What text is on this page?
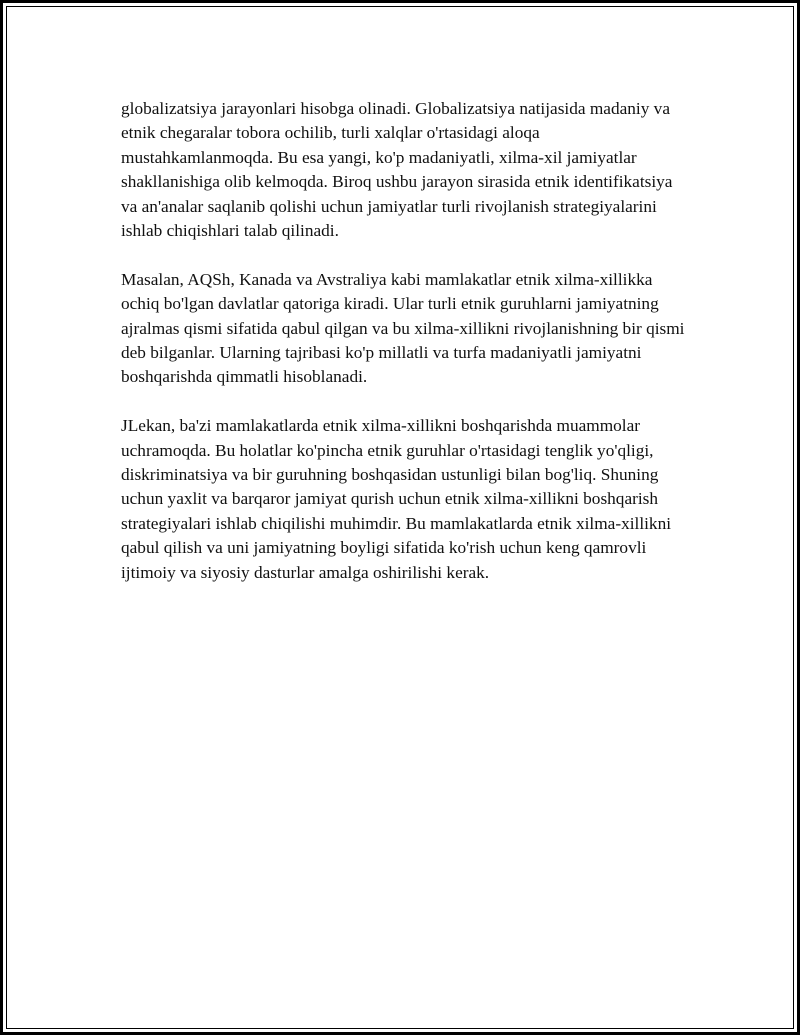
globalizatsiya jarayonlari hisobga olinadi. Globalizatsiya natijasida madaniy va etnik chegaralar tobora ochilib, turli xalqlar o'rtasidagi aloqa mustahkamlanmoqda. Bu esa yangi, ko'p madaniyatli, xilma-xil jamiyatlar shakllanishiga olib kelmoqda. Biroq ushbu jarayon sirasida etnik identifikatsiya va an'analar saqlanib qolishi uchun jamiyatlar turli rivojlanish strategiyalarini ishlab chiqishlari talab qilinadi.

Masalan, AQSh, Kanada va Avstraliya kabi mamlakatlar etnik xilma-xillikka ochiq bo'lgan davlatlar qatoriga kiradi. Ular turli etnik guruhlarni jamiyatning ajralmas qismi sifatida qabul qilgan va bu xilma-xillikni rivojlanishning bir qismi deb bilganlar. Ularning tajribasi ko'p millatli va turfa madaniyatli jamiyatni boshqarishda qimmatli hisoblanadi.

JLekan, ba'zi mamlakatlarda etnik xilma-xillikni boshqarishda muammolar uchramoqda. Bu holatlar ko'pincha etnik guruhlar o'rtasidagi tenglik yo'qligi, diskriminatsiya va bir guruhning boshqasidan ustunligi bilan bog'liq. Shuning uchun yaxlit va barqaror jamiyat qurish uchun etnik xilma-xillikni boshqarish strategiyalari ishlab chiqilishi muhimdir. Bu mamlakatlarda etnik xilma-xillikni qabul qilish va uni jamiyatning boyligi sifatida ko'rish uchun keng qamrovli ijtimoiy va siyosiy dasturlar amalga oshirilishi kerak.
